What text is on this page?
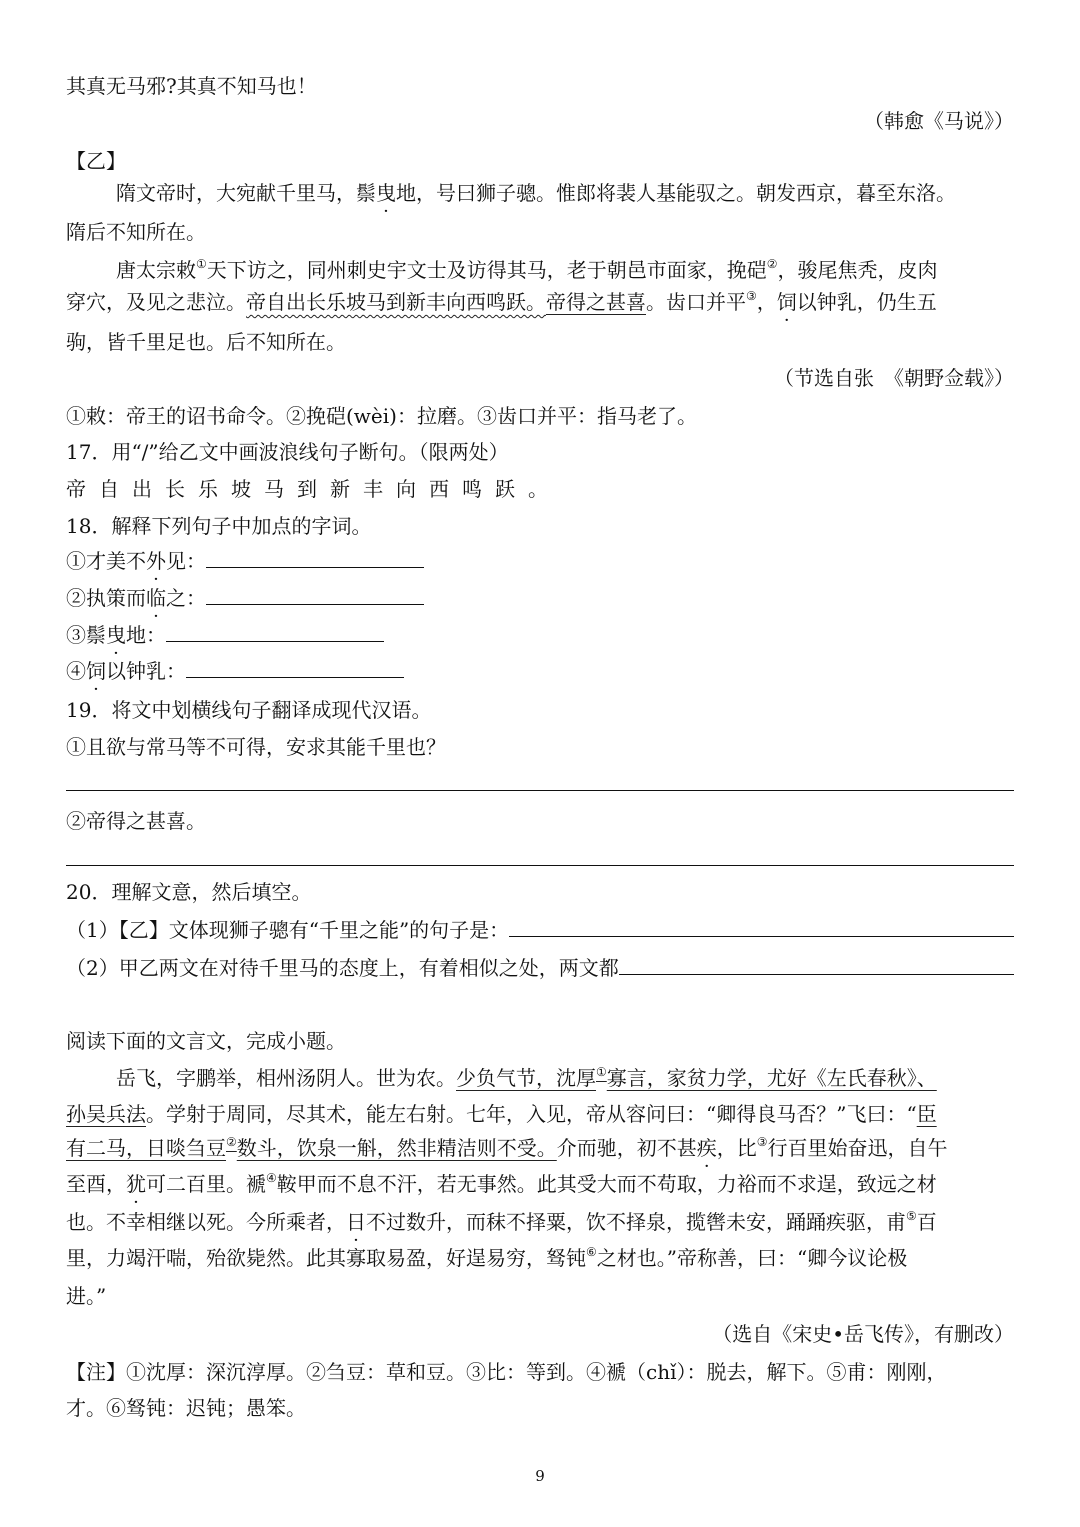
其真无马邪?其真不知马也！
（韩愈《马说》）
【乙】
隋文帝时，大宛献千里马，鬃曳地，号曰狮子骢。惟郎将裴人基能驭之。朝发西京，暮至东洛。
隋后不知所在。
唐太宗敕①天下访之，同州刺史宇文士及访得其马，老于朝邑市面家，挽硙②，骏尾焦秃，皮肉
穿穴，及见之悲泣。帝自出长乐坡马到新丰向西鸣跃。帝得之甚喜。齿口并平③，饲以钟乳，仍生五
驹，皆千里足也。后不知所在。
（节选自张　《朝野佥载》）
①敕：帝王的诏书命令。②挽硙(wèi)：拉磨。③齿口并平：指马老了。
17．用“/”给乙文中画波浪线句子断句。（限两处）
帝自出长乐坡马到新丰向西鸣跃。
18．解释下列句子中加点的字词。
①才美不外见：
②执策而临之：
③鬃曳地：
④饲以钟乳：
19．将文中划横线句子翻译成现代汉语。
①且欲与常马等不可得，安求其能千里也？
②帝得之甚喜。
20．理解文意，然后填空。
（1）【乙】文体现狮子骢有“千里之能”的句子是：
（2）甲乙两文在对待千里马的态度上，有着相似之处，两文都
阅读下面的文言文，完成小题。
岳飞，字鹏举，相州汤阴人。世为农。少负气节，沈厚①寡言，家贫力学，尤好《左氏春秋》、
孙吴兵法。学射于周同，尽其术，能左右射。七年，入见，帝从容问曰：“卿得良马否？”飞曰：“臣
有二马，日啖刍豆②数斗，饮泉一斛，然非精洁则不受。介而驰，初不甚疾，比③行百里始奋迅，自午
至酉，犹可二百里。褫④鞍甲而不息不汗，若无事然。此其受大而不苟取，力裕而不求逞，致远之材
也。不幸相继以死。今所乘者，日不过数升，而秣不择粟，饮不择泉，揽辔未安，踊踊疾驱，甫⑤百
里，力竭汗喘，殆欲毙然。此其寡取易盈，好逞易穷，驽钝⑥之材也。”帝称善，曰：“卿今议论极
进。”
（选自《宋史•岳飞传》，有删改）
【注】①沈厚：深沉淳厚。②刍豆：草和豆。③比：等到。④褫（chǐ）：脱去，解下。⑤甫：刚刚，
才。⑥驽钝：迟钝；愚笨。
9
